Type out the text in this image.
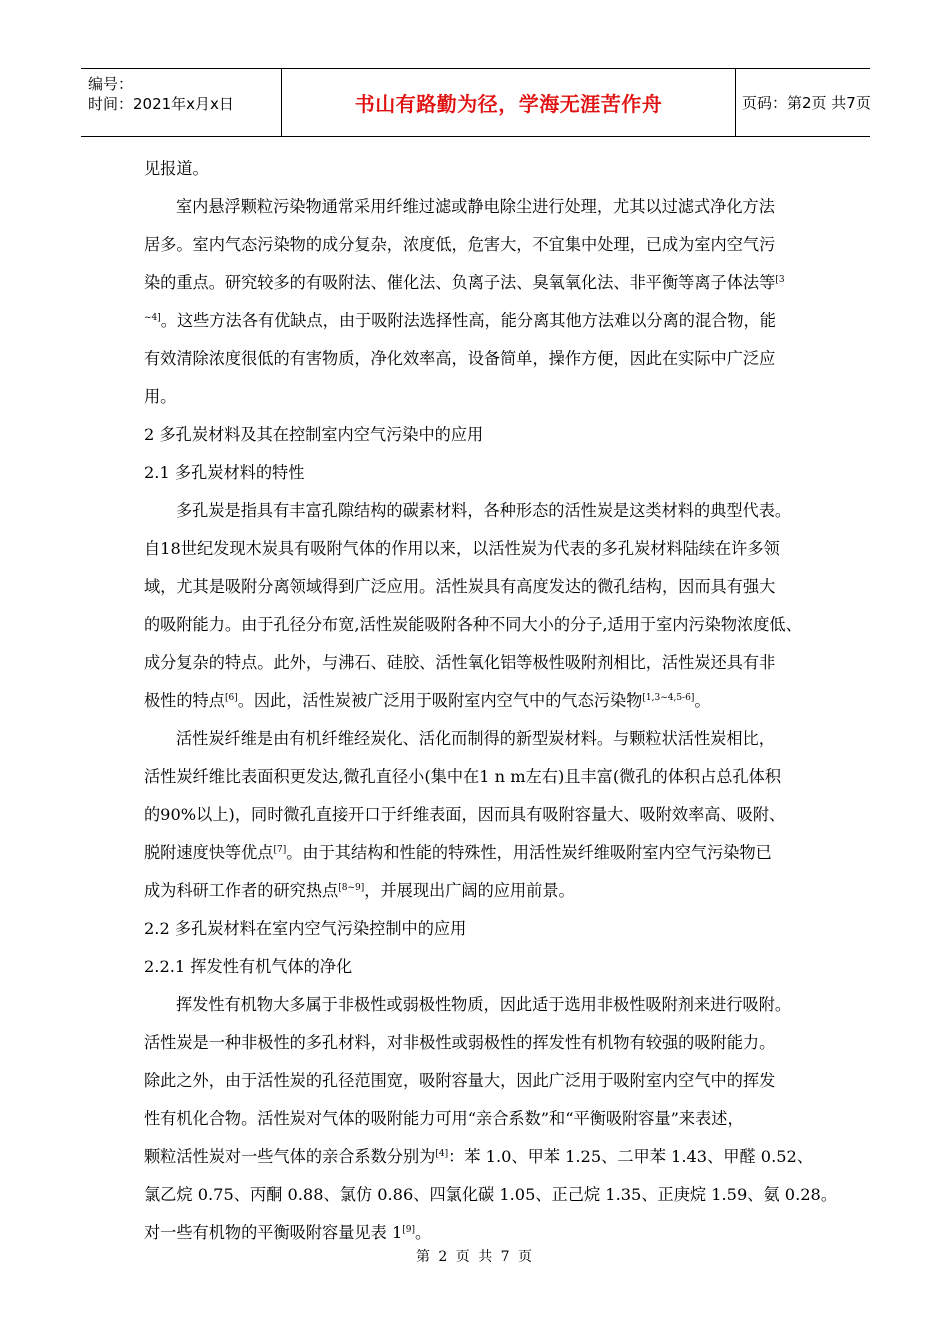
编号：
时间：2021年x月x日	书山有路勤为径，学海无涯苦作舟	页码：第2页 共7页
见报道。
室内悬浮颗粒污染物通常采用纤维过滤或静电除尘进行处理，尤其以过滤式净化方法
居多。室内气态污染物的成分复杂，浓度低，危害大，不宜集中处理，已成为室内空气污
染的重点。研究较多的有吸附法、催化法、负离子法、臭氧氧化法、非平衡等离子体法等$^{[3}$
$^{\sim 4]}$。这些方法各有优缺点，由于吸附法选择性高，能分离其他方法难以分离的混合物，能
有效清除浓度很低的有害物质，净化效率高，设备简单，操作方便，因此在实际中广泛应
用。
2 多孔炭材料及其在控制室内空气污染中的应用
2.1 多孔炭材料的特性
多孔炭是指具有丰富孔隙结构的碳素材料，各种形态的活性炭是这类材料的典型代表。
自18世纪发现木炭具有吸附气体的作用以来，以活性炭为代表的多孔炭材料陆续在许多领
域，尤其是吸附分离领域得到广泛应用。活性炭具有高度发达的微孔结构，因而具有强大
的吸附能力。由于孔径分布宽,活性炭能吸附各种不同大小的分子,适用于室内污染物浓度低、
成分复杂的特点。此外，与沸石、硅胶、活性氧化铝等极性吸附剂相比，活性炭还具有非
极性的特点[6]。因此，活性炭被广泛用于吸附室内空气中的气态污染物[1,3~4,5-6]。
活性炭纤维是由有机纤维经炭化、活化而制得的新型炭材料。与颗粒状活性炭相比，
活性炭纤维比表面积更发达,微孔直径小(集中在1 n m左右)且丰富(微孔的体积占总孔体积
的90%以上)，同时微孔直接开口于纤维表面，因而具有吸附容量大、吸附效率高、吸附、
脱附速度快等优点[7]。由于其结构和性能的特殊性，用活性炭纤维吸附室内空气污染物已
成为科研工作者的研究热点[8~9]，并展现出广阔的应用前景。
2.2 多孔炭材料在室内空气污染控制中的应用
2.2.1 挥发性有机气体的净化
挥发性有机物大多属于非极性或弱极性物质，因此适于选用非极性吸附剂来进行吸附。
活性炭是一种非极性的多孔材料，对非极性或弱极性的挥发性有机物有较强的吸附能力。
除此之外，由于活性炭的孔径范围宽，吸附容量大，因此广泛用于吸附室内空气中的挥发
性有机化合物。活性炭对气体的吸附能力可用“亲合系数”和“平衡吸附容量”来表述，
颗粒活性炭对一些气体的亲合系数分别为[4]：苯 1.0、甲苯 1.25、二甲苯 1.43、甲醛 0.52、
氯乙烷 0.75、丙酮 0.88、氯仿 0.86、四氯化碳 1.05、正己烷 1.35、正庚烷 1.59、氨 0.28。
对一些有机物的平衡吸附容量见表 1[9]。
第 2 页 共 7 页
